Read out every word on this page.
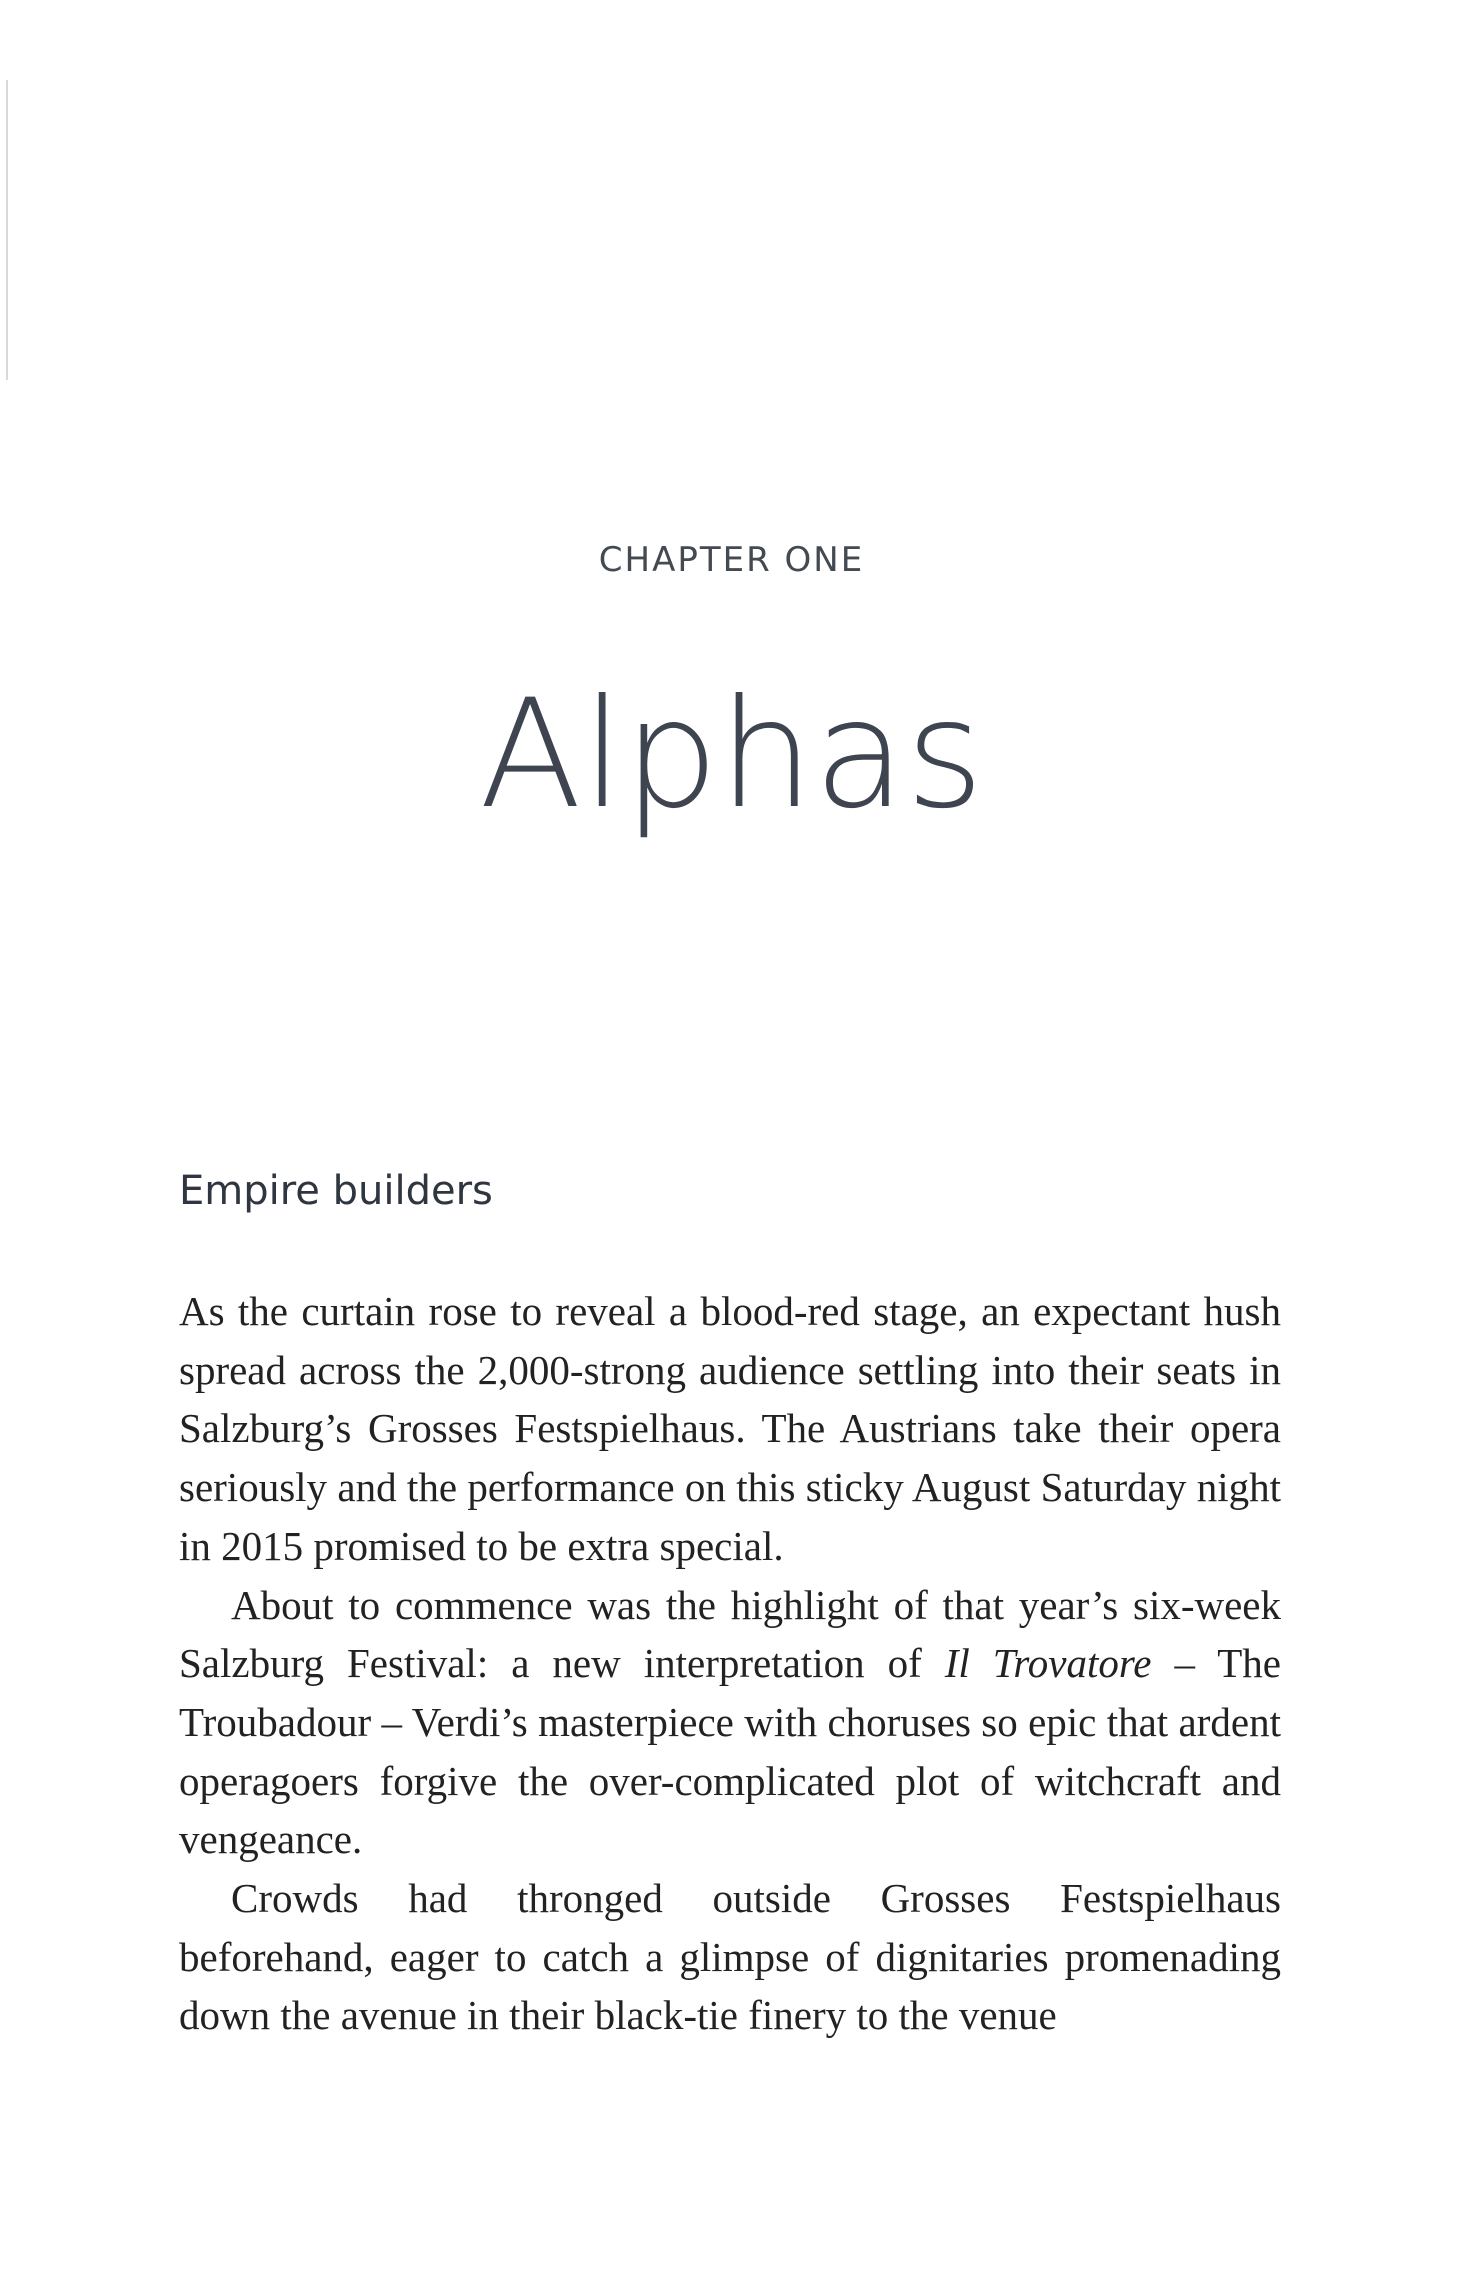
CHAPTER ONE
Alphas
Empire builders

As the curtain rose to reveal a blood-red stage, an expectant hush spread across the 2,000-strong audience settling into their seats in Salzburg’s Grosses Festspielhaus. The Austrians take their opera seriously and the performance on this sticky August Saturday night in 2015 promised to be extra special.

About to commence was the highlight of that year’s six-week Salzburg Festival: a new interpretation of Il Trovatore – The Troubadour – Verdi’s masterpiece with choruses so epic that ardent operagoers forgive the over-complicated plot of witchcraft and vengeance.

Crowds had thronged outside Grosses Festspielhaus beforehand, eager to catch a glimpse of dignitaries promenading down the avenue in their black-tie finery to the venue
